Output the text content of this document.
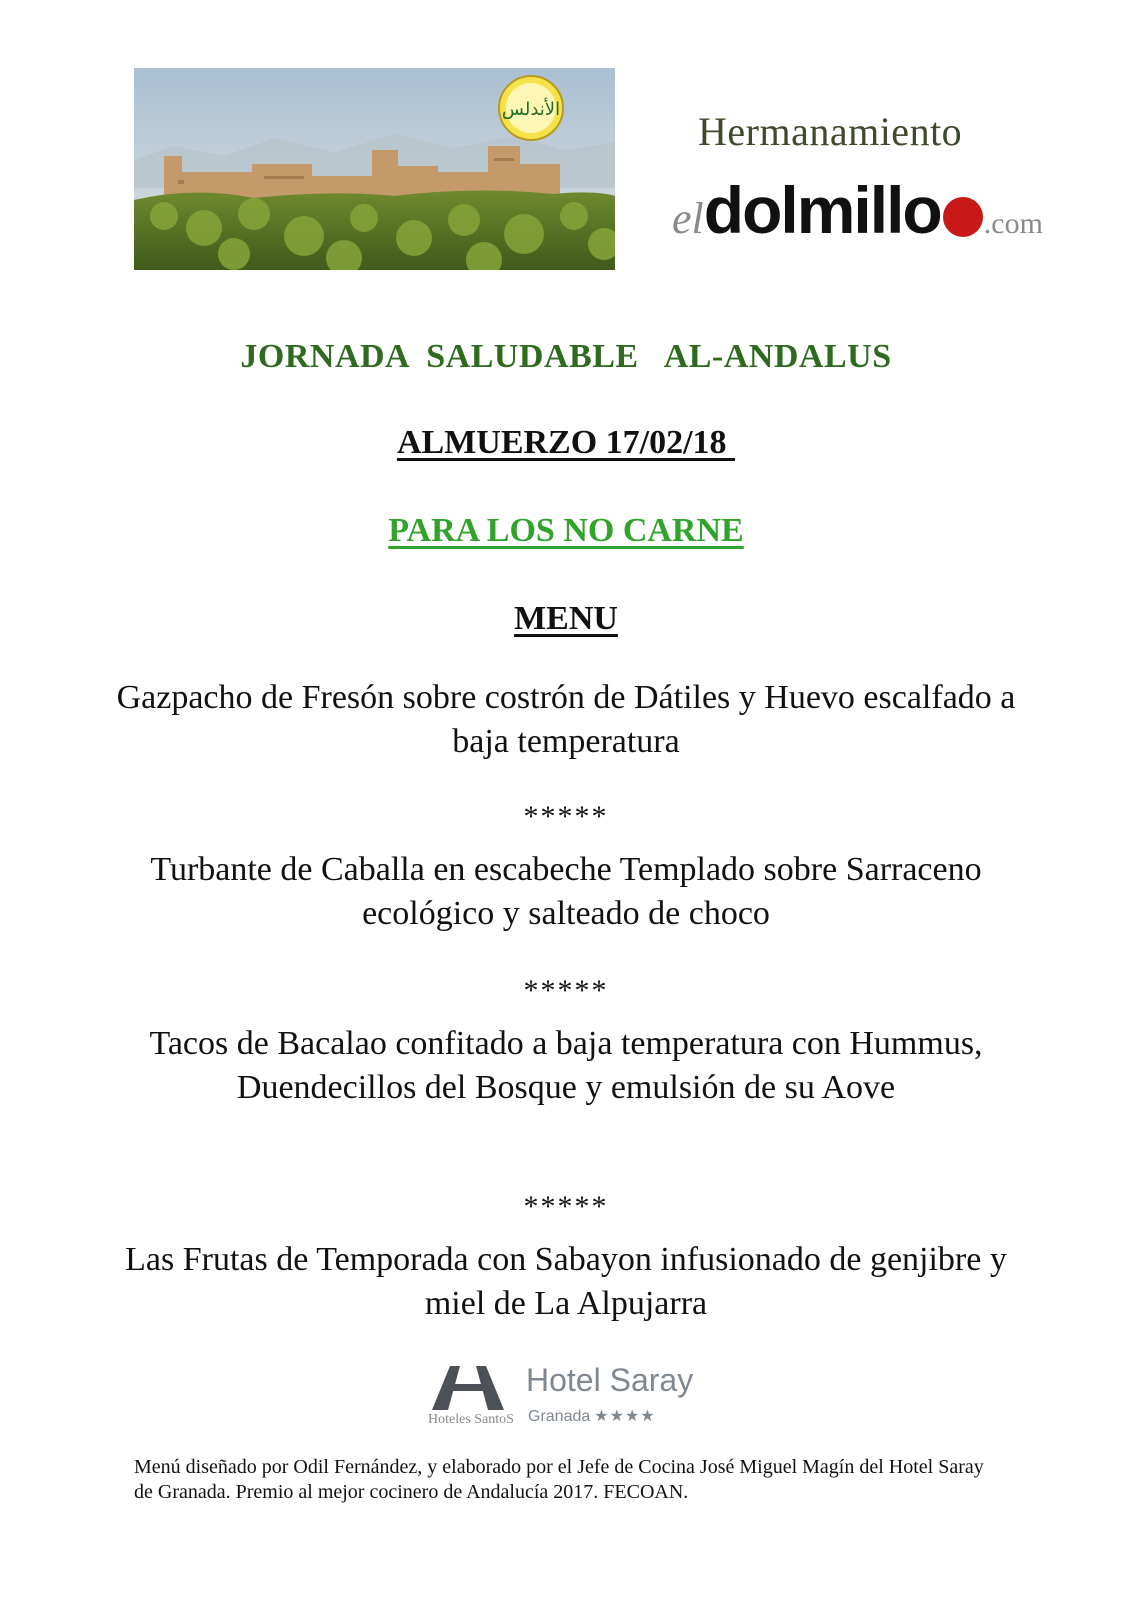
الأندلس	Hermanamiento
eldolmillo .com
JORNADA  SALUDABLE   AL-ANDALUS
ALMUERZO 17/02/18
PARA LOS NO CARNE
MENU
Gazpacho de Fresón sobre costrón de Dátiles y Huevo escalfado a baja temperatura
*****
Turbante de Caballa en escabeche Templado sobre Sarraceno ecológico y salteado de choco
*****
Tacos de Bacalao confitado a baja temperatura con Hummus, Duendecillos del Bosque y emulsión de su Aove
*****
Las Frutas de Temporada con Sabayon infusionado de genjibre y miel de La Alpujarra
Hoteles SantoS
Hotel Saray
Granada ★★★★
Menú diseñado por Odil Fernández, y elaborado por el Jefe de Cocina José Miguel Magín del Hotel Saray de Granada. Premio al mejor cocinero de Andalucía 2017. FECOAN.
